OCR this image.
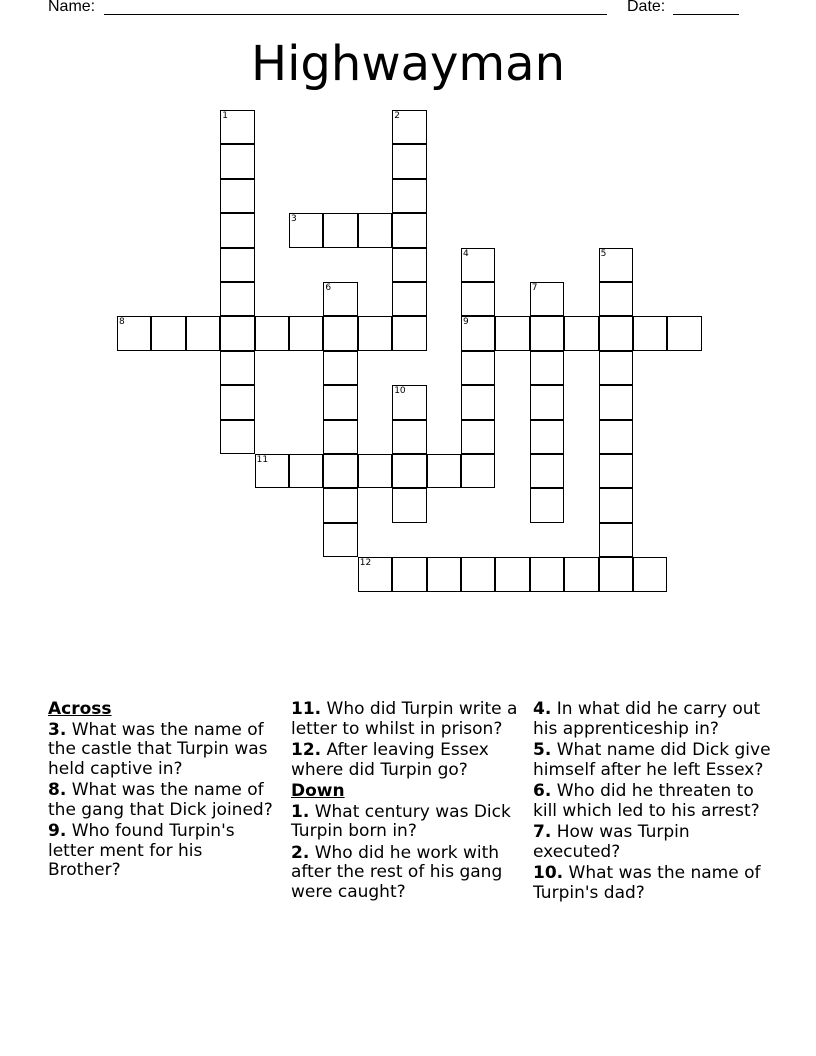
Name:	Date:
Highwayman
1	2
3
4
9
5
6	7
8
10
11
12
Across
3. What was the name of the castle that Turpin was held captive in?
8. What was the name of the gang that Dick joined?
9. Who found Turpin's letter ment for his Brother?
11. Who did Turpin write a letter to whilst in prison?
12. After leaving Essex where did Turpin go?
Down
1. What century was Dick Turpin born in?
2. Who did he work with after the rest of his gang were caught?
4. In what did he carry out his apprenticeship in?
5. What name did Dick give himself after he left Essex?
6. Who did he threaten to kill which led to his arrest?
7. How was Turpin executed?
10. What was the name of Turpin's dad?
